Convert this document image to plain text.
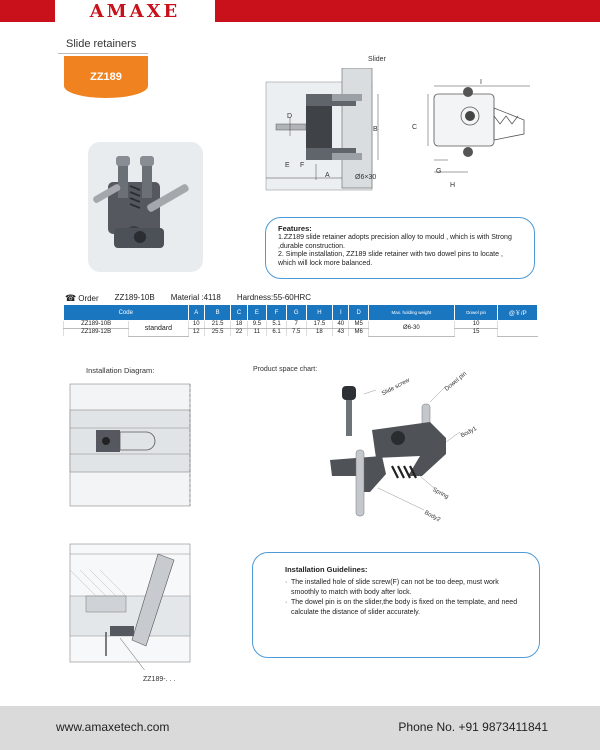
AMAXE
Slide retainers
ZZ189
Slider
B
D
E F
A	Ø6×30
C
I
G
H
Features:

1.ZZ189 slide retainer adopts precision alloy to mould , which is with Strong ,durable construction.

2. Simple installation, ZZ189 slide retainer with two dowel pins to locate , which will lock more balanced.

☎ Order ZZ189-10B Material :4118 Hardness:55-60HRC
Code		A	B	C	E	F	G	H	I	D	Max. holding weight	Dowel pin	@￥/P
ZZ189-10B	standard	10	21.5	18	9.5	5.1	7	17.5	40	M5	Ø6-30	10	
ZZ189-12B		12	25.5	22	11	6.1	7.5	18	43	M6		15	
Installation Diagram:	Product space chart:
Slide screw	Dowel pin
Body1
Spring
Body2
ZZ189-. . .
Installation Guidelines:
· The installed hole of slide screw(F) can not be too deep, must work smoothly to match with body after lock.
· The dowel pin is on the slider,the body is fixed on the template, and need calculate the distance of slider accurately.
www.amaxetech.com	Phone No. +91 9873411841
